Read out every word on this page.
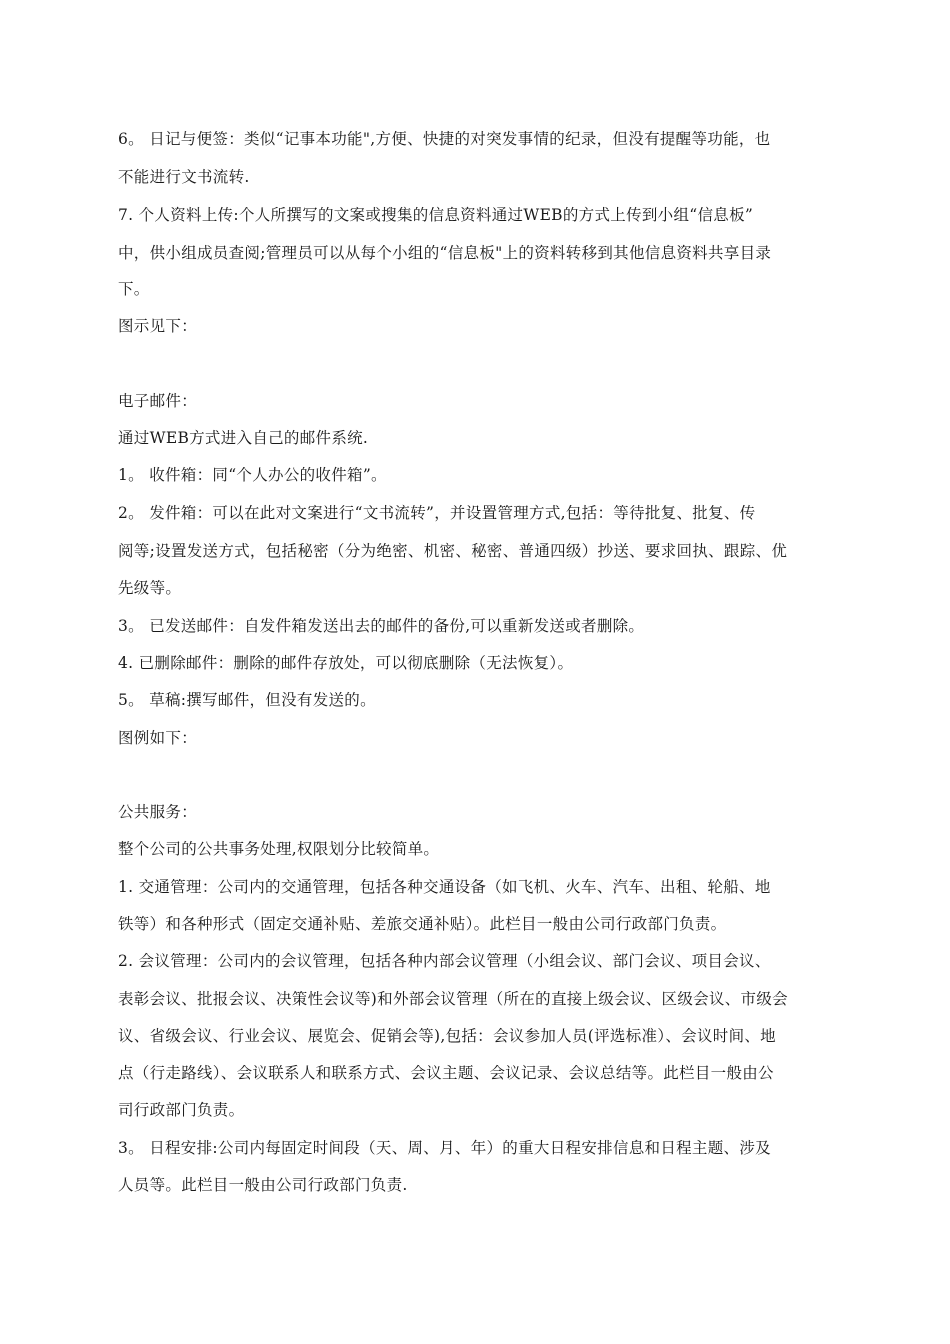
6。 日记与便签：类似“记事本功能",方便、快捷的对突发事情的纪录，但没有提醒等功能，也
不能进行文书流转.
7. 个人资料上传:个人所撰写的文案或搜集的信息资料通过WEB的方式上传到小组“信息板”
中，供小组成员查阅;管理员可以从每个小组的“信息板"上的资料转移到其他信息资料共享目录
下。
图示见下：
电子邮件：
通过WEB方式进入自己的邮件系统.
1。 收件箱：同“个人办公的收件箱”。
2。 发件箱：可以在此对文案进行“文书流转”，并设置管理方式,包括：等待批复、批复、传
阅等;设置发送方式，包括秘密（分为绝密、机密、秘密、普通四级）抄送、要求回执、跟踪、优
先级等。
3。 已发送邮件：自发件箱发送出去的邮件的备份,可以重新发送或者删除。
4. 已删除邮件：删除的邮件存放处，可以彻底删除（无法恢复）。
5。 草稿:撰写邮件，但没有发送的。
图例如下：
公共服务：
整个公司的公共事务处理,权限划分比较简单。
1. 交通管理：公司内的交通管理，包括各种交通设备（如飞机、火车、汽车、出租、轮船、地
铁等）和各种形式（固定交通补贴、差旅交通补贴）。此栏目一般由公司行政部门负责。
2. 会议管理：公司内的会议管理，包括各种内部会议管理（小组会议、部门会议、项目会议、
表彰会议、批报会议、决策性会议等)和外部会议管理（所在的直接上级会议、区级会议、市级会
议、省级会议、行业会议、展览会、促销会等),包括：会议参加人员(评选标准）、会议时间、地
点（行走路线）、会议联系人和联系方式、会议主题、会议记录、会议总结等。此栏目一般由公
司行政部门负责。
3。 日程安排:公司内每固定时间段（天、周、月、年）的重大日程安排信息和日程主题、涉及
人员等。此栏目一般由公司行政部门负责.
